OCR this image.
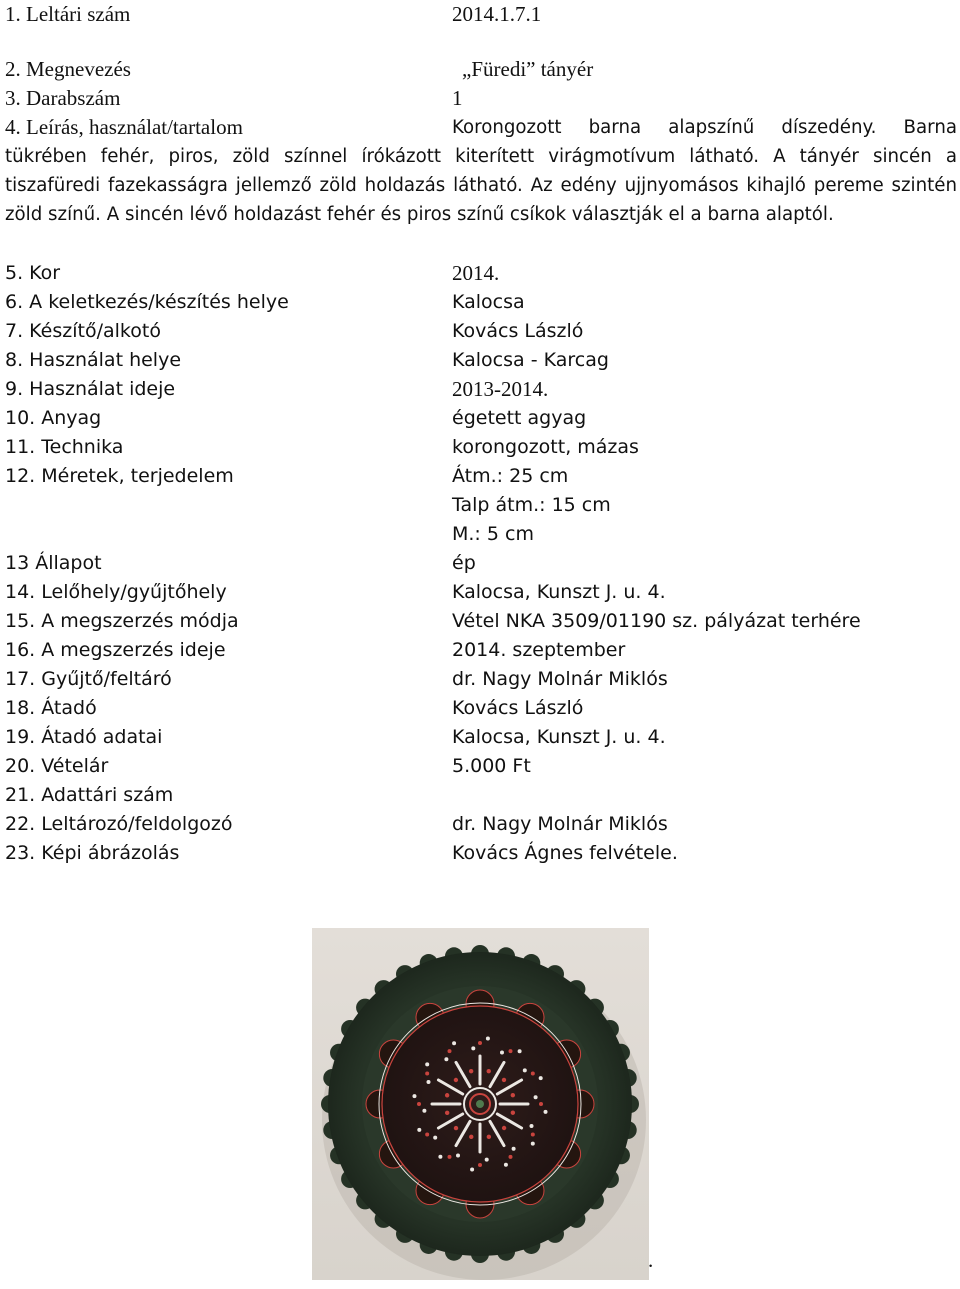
1. Leltári szám	2014.1.7.1
2. Megnevezés	„Füredi” tányér
3. Darabszám	1
4. Leírás, használat/tartalom	Korongozott barna alapszínű díszedény. Barna tükrében fehér, piros, zöld színnel írókázott kiterített virágmotívum látható. A tányér sincén a tiszafüredi fazekasságra jellemző zöld holdazás látható. Az edény ujjnyomásos kihajló pereme szintén zöld színű. A sincén lévő holdazást fehér és piros színű csíkok választják el a barna alaptól.

5. Kor	2014.
6. A keletkezés/készítés helye	Kalocsa
7. Készítő/alkotó	Kovács László
8. Használat helye	Kalocsa - Karcag
9. Használat ideje	2013-2014.
10. Anyag	égetett agyag
11. Technika	korongozott, mázas
12. Méretek, terjedelem	Átm.: 25 cm
Talp átm.: 15 cm
M.: 5 cm
13 Állapot	ép
14. Lelőhely/gyűjtőhely	Kalocsa, Kunszt J. u. 4.
15. A megszerzés módja	Vétel NKA 3509/01190 sz. pályázat terhére
16. A megszerzés ideje	2014. szeptember
17. Gyűjtő/feltáró	dr. Nagy Molnár Miklós
18. Átadó	Kovács László
19. Átadó adatai	Kalocsa, Kunszt J. u. 4.
20. Vételár	5.000 Ft
21. Adattári szám
22. Leltározó/feldolgozó	dr. Nagy Molnár Miklós
23. Képi ábrázolás	Kovács Ágnes felvétele.
.
